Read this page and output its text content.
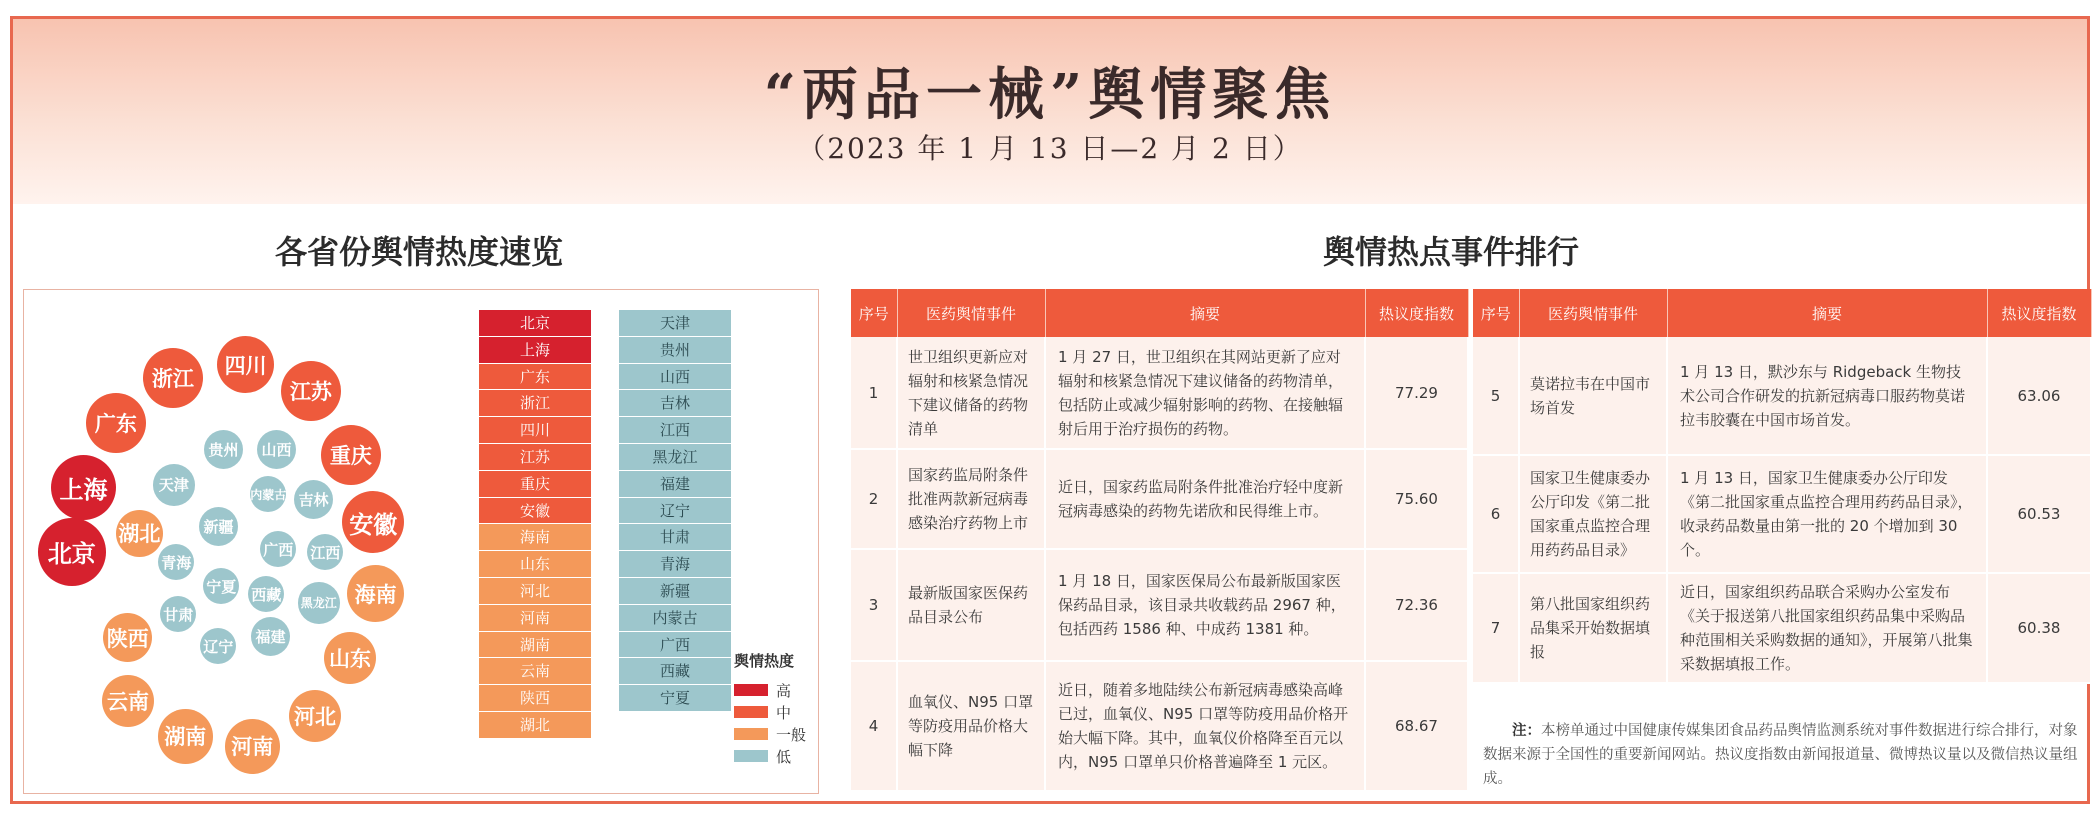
“两品一械”舆情聚焦
（2023 年 1 月 13 日—2 月 2 日）
各省份舆情热度速览	舆情热点事件排行
北京
上海
广东
浙江
四川
江苏
重庆
安徽
海南
山东
河北
河南
湖南
云南
陕西
湖北
天津
贵州	山西
吉林
江西
黑龙江
福建
辽宁
甘肃
青海
新疆
内蒙古
广西
西藏
宁夏
北京
上海
广东
浙江
四川
江苏
重庆
安徽
海南
山东
河北
河南
湖南
云南
陕西
湖北
天津
贵州
山西
吉林
江西
黑龙江
福建
辽宁
甘肃
青海
新疆
内蒙古
广西
西藏
宁夏
舆情热度
高
中
一般
低
序号	医药舆情事件	摘要	热议度指数
1	世卫组织更新应对辐射和核紧急情况下建议储备的药物清单	1 月 27 日，世卫组织在其网站更新了应对辐射和核紧急情况下建议储备的药物清单，包括防止或减少辐射影响的药物、在接触辐射后用于治疗损伤的药物。	77.29
2	国家药监局附条件批准两款新冠病毒感染治疗药物上市	近日，国家药监局附条件批准治疗轻中度新冠病毒感染的药物先诺欣和民得维上市。	75.60
3	最新版国家医保药品目录公布	1 月 18 日，国家医保局公布最新版国家医保药品目录，该目录共收载药品 2967 种，包括西药 1586 种、中成药 1381 种。	72.36
4	血氧仪、N95 口罩等防疫用品价格大幅下降	近日，随着多地陆续公布新冠病毒感染高峰已过，血氧仪、N95 口罩等防疫用品价格开始大幅下降。其中，血氧仪价格降至百元以内，N95 口罩单只价格普遍降至 1 元区。	68.67
序号	医药舆情事件	摘要	热议度指数
5	莫诺拉韦在中国市场首发	1 月 13 日，默沙东与 Ridgeback 生物技术公司合作研发的抗新冠病毒口服药物莫诺拉韦胶囊在中国市场首发。	63.06
6	国家卫生健康委办公厅印发《第二批国家重点监控合理用药药品目录》	1 月 13 日，国家卫生健康委办公厅印发《第二批国家重点监控合理用药药品目录》，收录药品数量由第一批的 20 个增加到 30 个。	60.53
7	第八批国家组织药品集采开始数据填报	近日，国家组织药品联合采购办公室发布《关于报送第八批国家组织药品集中采购品种范围相关采购数据的通知》，开展第八批集采数据填报工作。	60.38
注：本榜单通过中国健康传媒集团食品药品舆情监测系统对事件数据进行综合排行，对象数据来源于全国性的重要新闻网站。热议度指数由新闻报道量、微博热议量以及微信热议量组成。
